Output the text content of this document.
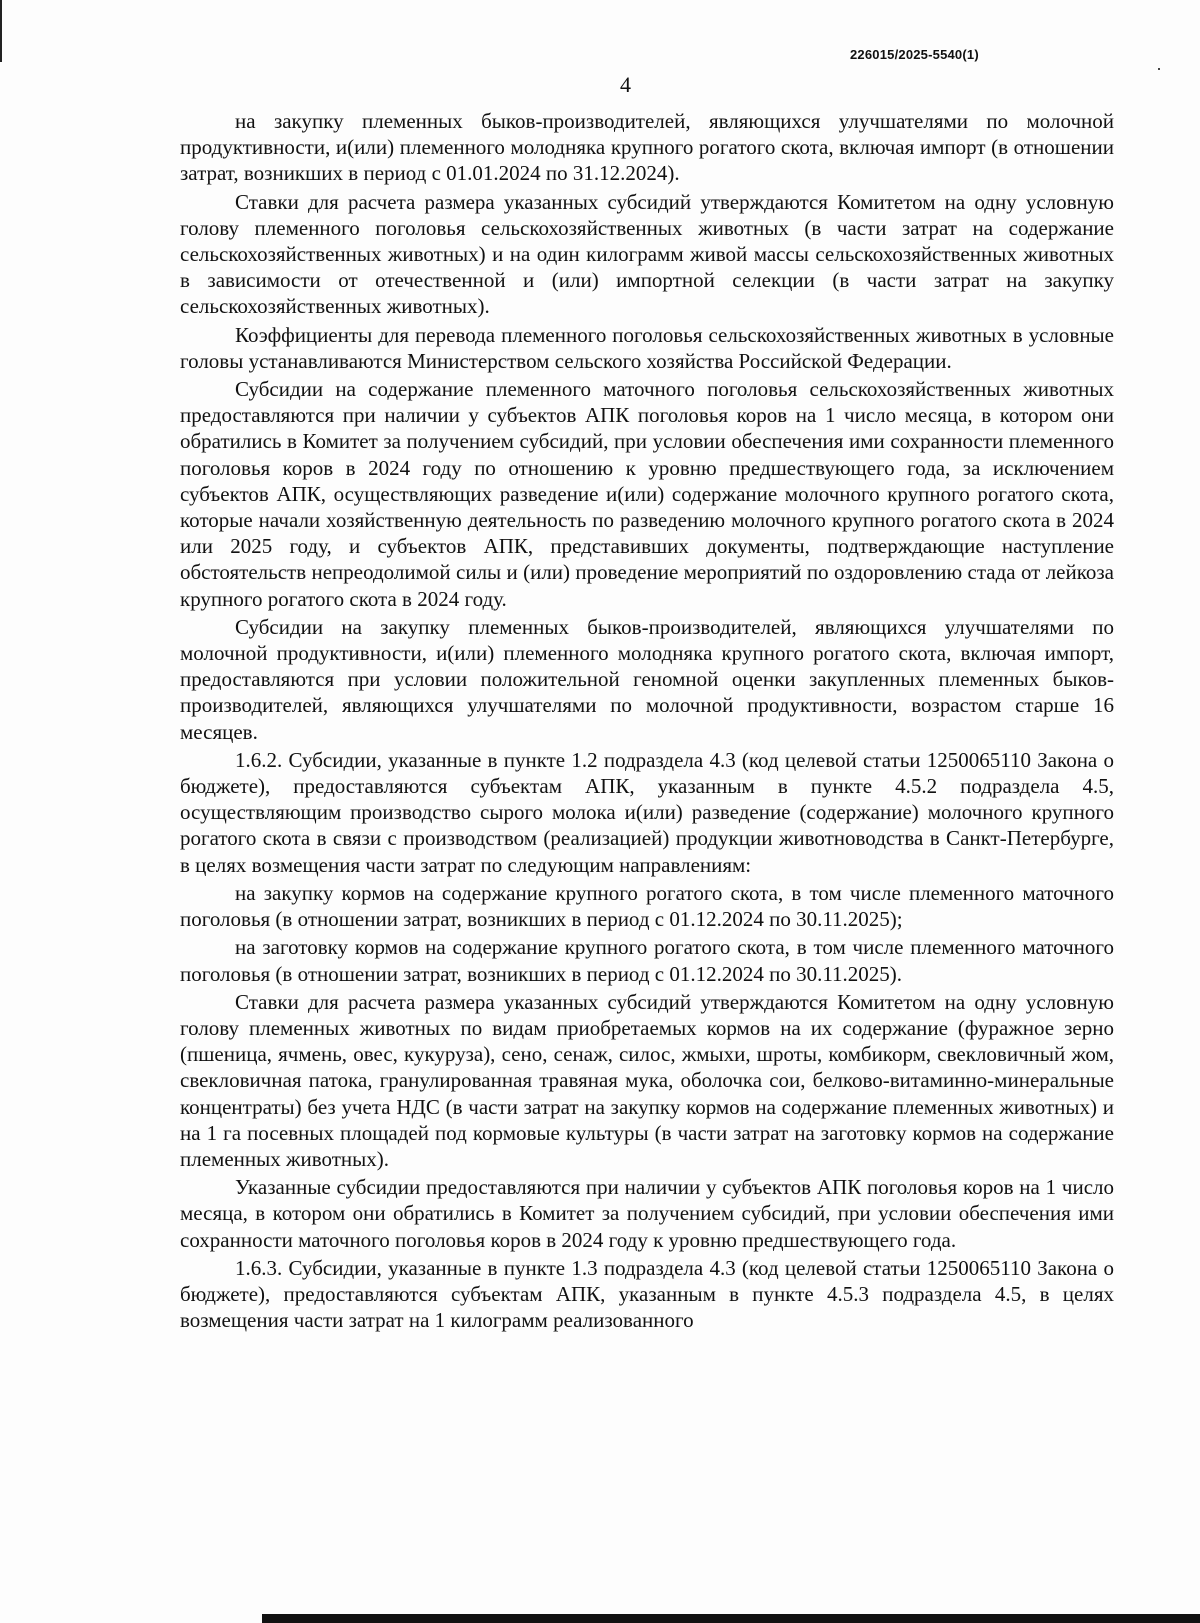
226015/2025-5540(1)
4

на закупку племенных быков-производителей, являющихся улучшателями по молочной продуктивности, и(или) племенного молодняка крупного рогатого скота, включая импорт (в отношении затрат, возникших в период с 01.01.2024 по 31.12.2024).

Ставки для расчета размера указанных субсидий утверждаются Комитетом на одну условную голову племенного поголовья сельскохозяйственных животных (в части затрат на содержание сельскохозяйственных животных) и на один килограмм живой массы сельскохозяйственных животных в зависимости от отечественной и (или) импортной селекции (в части затрат на закупку сельскохозяйственных животных).

Коэффициенты для перевода племенного поголовья сельскохозяйственных животных в условные головы устанавливаются Министерством сельского хозяйства Российской Федерации.

Субсидии на содержание племенного маточного поголовья сельскохозяйственных животных предоставляются при наличии у субъектов АПК поголовья коров на 1 число месяца, в котором они обратились в Комитет за получением субсидий, при условии обеспечения ими сохранности племенного поголовья коров в 2024 году по отношению к уровню предшествующего года, за исключением субъектов АПК, осуществляющих разведение и(или) содержание молочного крупного рогатого скота, которые начали хозяйственную деятельность по разведению молочного крупного рогатого скота в 2024 или 2025 году, и субъектов АПК, представивших документы, подтверждающие наступление обстоятельств непреодолимой силы и (или) проведение мероприятий по оздоровлению стада от лейкоза крупного рогатого скота в 2024 году.

Субсидии на закупку племенных быков-производителей, являющихся улучшателями по молочной продуктивности, и(или) племенного молодняка крупного рогатого скота, включая импорт, предоставляются при условии положительной геномной оценки закупленных племенных быков-производителей, являющихся улучшателями по молочной продуктивности, возрастом старше 16 месяцев.

1.6.2. Субсидии, указанные в пункте 1.2 подраздела 4.3 (код целевой статьи 1250065110 Закона о бюджете), предоставляются субъектам АПК, указанным в пункте 4.5.2 подраздела 4.5, осуществляющим производство сырого молока и(или) разведение (содержание) молочного крупного рогатого скота в связи с производством (реализацией) продукции животноводства в Санкт-Петербурге, в целях возмещения части затрат по следующим направлениям:

на закупку кормов на содержание крупного рогатого скота, в том числе племенного маточного поголовья (в отношении затрат, возникших в период с 01.12.2024 по 30.11.2025);

на заготовку кормов на содержание крупного рогатого скота, в том числе племенного маточного поголовья (в отношении затрат, возникших в период с 01.12.2024 по 30.11.2025).

Ставки для расчета размера указанных субсидий утверждаются Комитетом на одну условную голову племенных животных по видам приобретаемых кормов на их содержание (фуражное зерно (пшеница, ячмень, овес, кукуруза), сено, сенаж, силос, жмыхи, шроты, комбикорм, свекловичный жом, свекловичная патока, гранулированная травяная мука, оболочка сои, белково-витаминно-минеральные концентраты) без учета НДС (в части затрат на закупку кормов на содержание племенных животных) и на 1 га посевных площадей под кормовые культуры (в части затрат на заготовку кормов на содержание племенных животных).

Указанные субсидии предоставляются при наличии у субъектов АПК поголовья коров на 1 число месяца, в котором они обратились в Комитет за получением субсидий, при условии обеспечения ими сохранности маточного поголовья коров в 2024 году к уровню предшествующего года.

1.6.3. Субсидии, указанные в пункте 1.3 подраздела 4.3 (код целевой статьи 1250065110 Закона о бюджете), предоставляются субъектам АПК, указанным в пункте 4.5.3 подраздела 4.5, в целях возмещения части затрат на 1 килограмм реализованного
